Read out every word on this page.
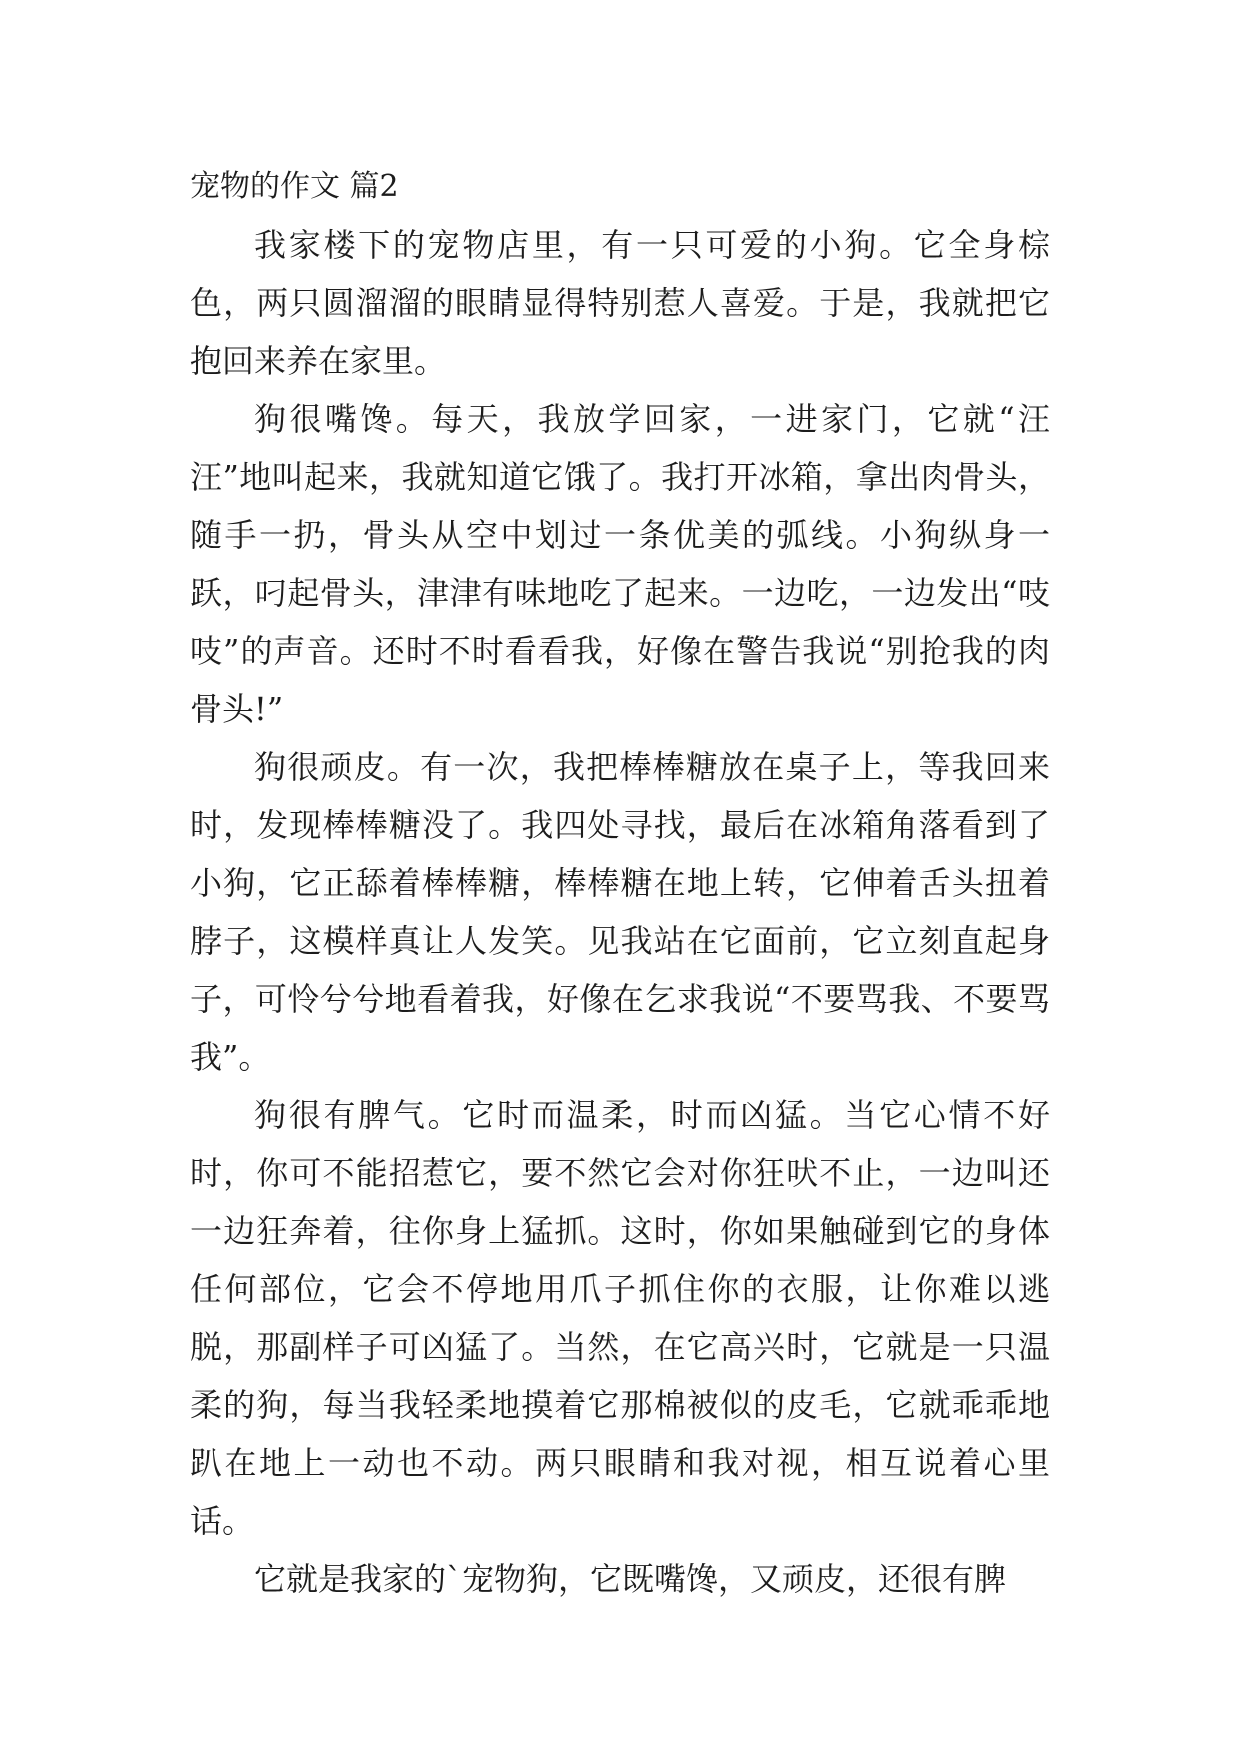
宠物的作文 篇2

我家楼下的宠物店里，有一只可爱的小狗。它全身棕色，两只圆溜溜的眼睛显得特别惹人喜爱。于是，我就把它抱回来养在家里。

狗很嘴馋。每天，我放学回家，一进家门，它就“汪汪”地叫起来，我就知道它饿了。我打开冰箱，拿出肉骨头，随手一扔，骨头从空中划过一条优美的弧线。小狗纵身一跃，叼起骨头，津津有味地吃了起来。一边吃，一边发出“吱吱”的声音。还时不时看看我，好像在警告我说“别抢我的肉骨头!”

狗很顽皮。有一次，我把棒棒糖放在桌子上，等我回来时，发现棒棒糖没了。我四处寻找，最后在冰箱角落看到了小狗，它正舔着棒棒糖，棒棒糖在地上转，它伸着舌头扭着脖子，这模样真让人发笑。见我站在它面前，它立刻直起身子，可怜兮兮地看着我，好像在乞求我说“不要骂我、不要骂我”。

狗很有脾气。它时而温柔，时而凶猛。当它心情不好时，你可不能招惹它，要不然它会对你狂吠不止，一边叫还一边狂奔着，往你身上猛抓。这时，你如果触碰到它的身体任何部位，它会不停地用爪子抓住你的衣服，让你难以逃脱，那副样子可凶猛了。当然，在它高兴时，它就是一只温柔的狗，每当我轻柔地摸着它那棉被似的皮毛，它就乖乖地趴在地上一动也不动。两只眼睛和我对视，相互说着心里话。

它就是我家的`宠物狗，它既嘴馋，又顽皮，还很有脾
